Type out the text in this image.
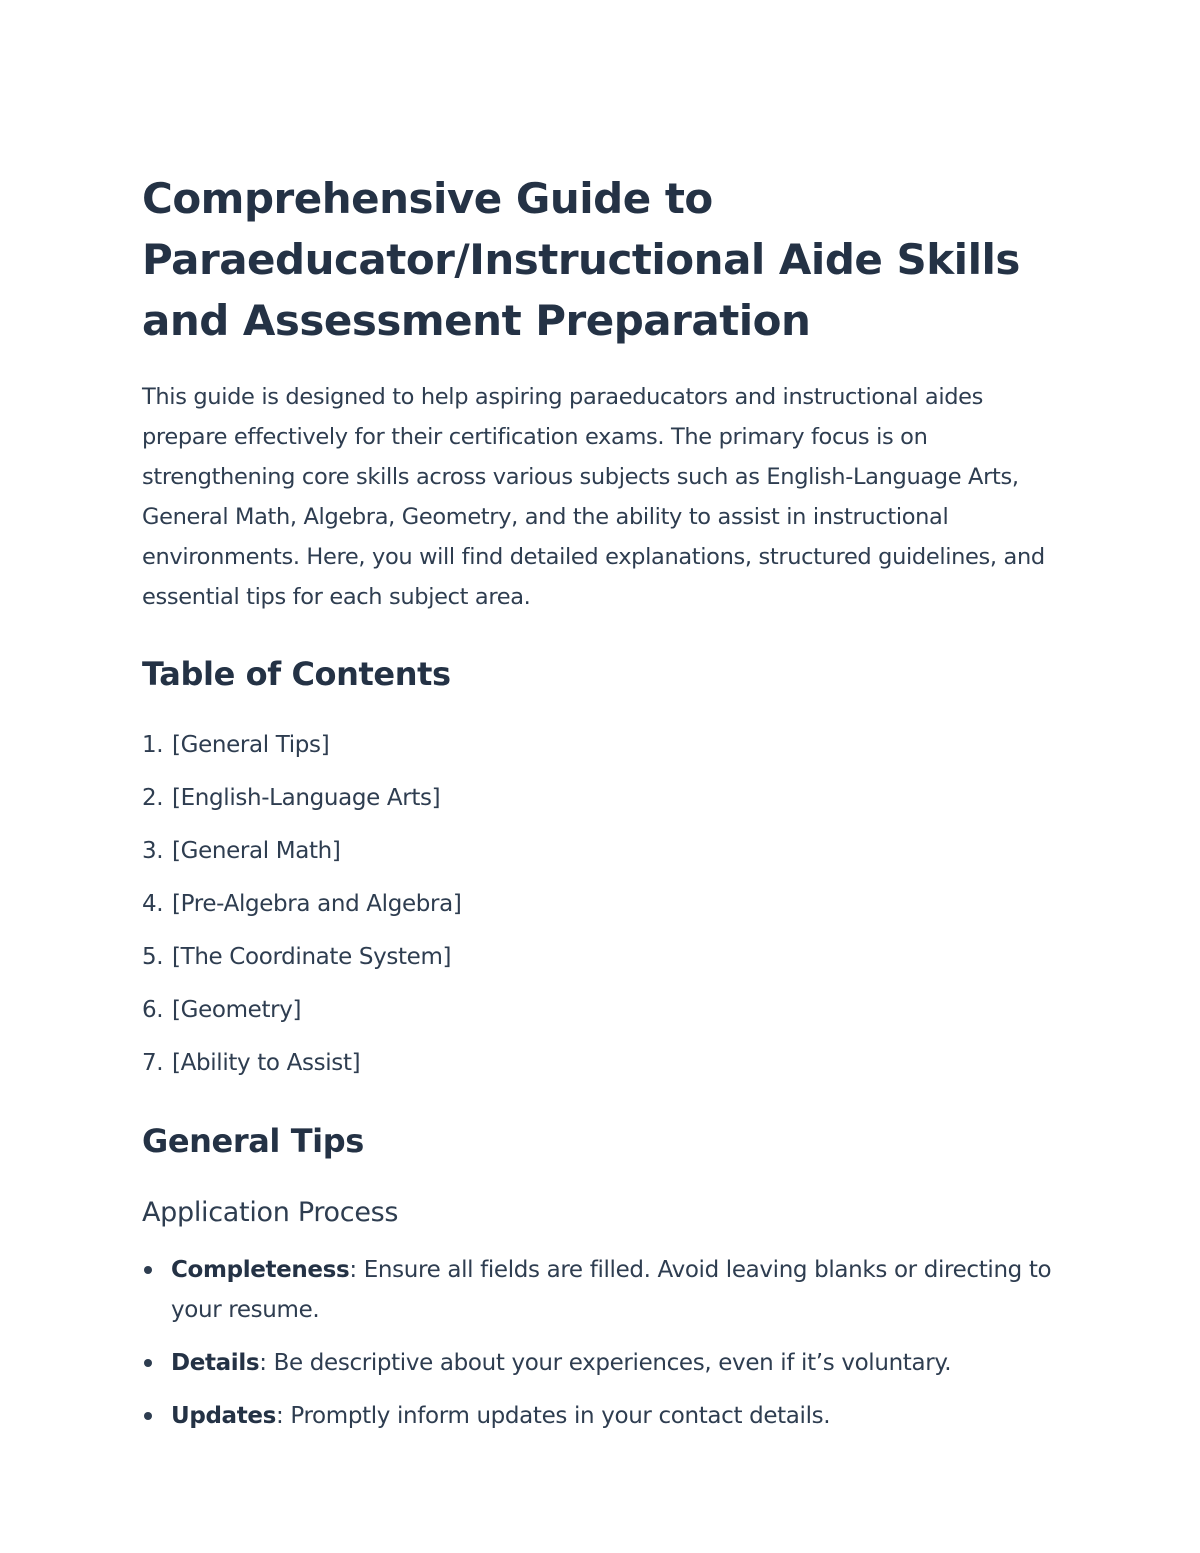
Comprehensive Guide to Paraeducator/Instructional Aide Skills and Assessment Preparation

This guide is designed to help aspiring paraeducators and instructional aides prepare effectively for their certification exams. The primary focus is on strengthening core skills across various subjects such as English-Language Arts, General Math, Algebra, Geometry, and the ability to assist in instructional environments. Here, you will find detailed explanations, structured guidelines, and essential tips for each subject area.

Table of Contents
1. [General Tips]
2. [English-Language Arts]
3. [General Math]
4. [Pre-Algebra and Algebra]
5. [The Coordinate System]
6. [Geometry]
7. [Ability to Assist]
General Tips
Application Process
Completeness: Ensure all fields are filled. Avoid leaving blanks or directing to your resume.
Details: Be descriptive about your experiences, even if it’s voluntary.
Updates: Promptly inform updates in your contact details.
